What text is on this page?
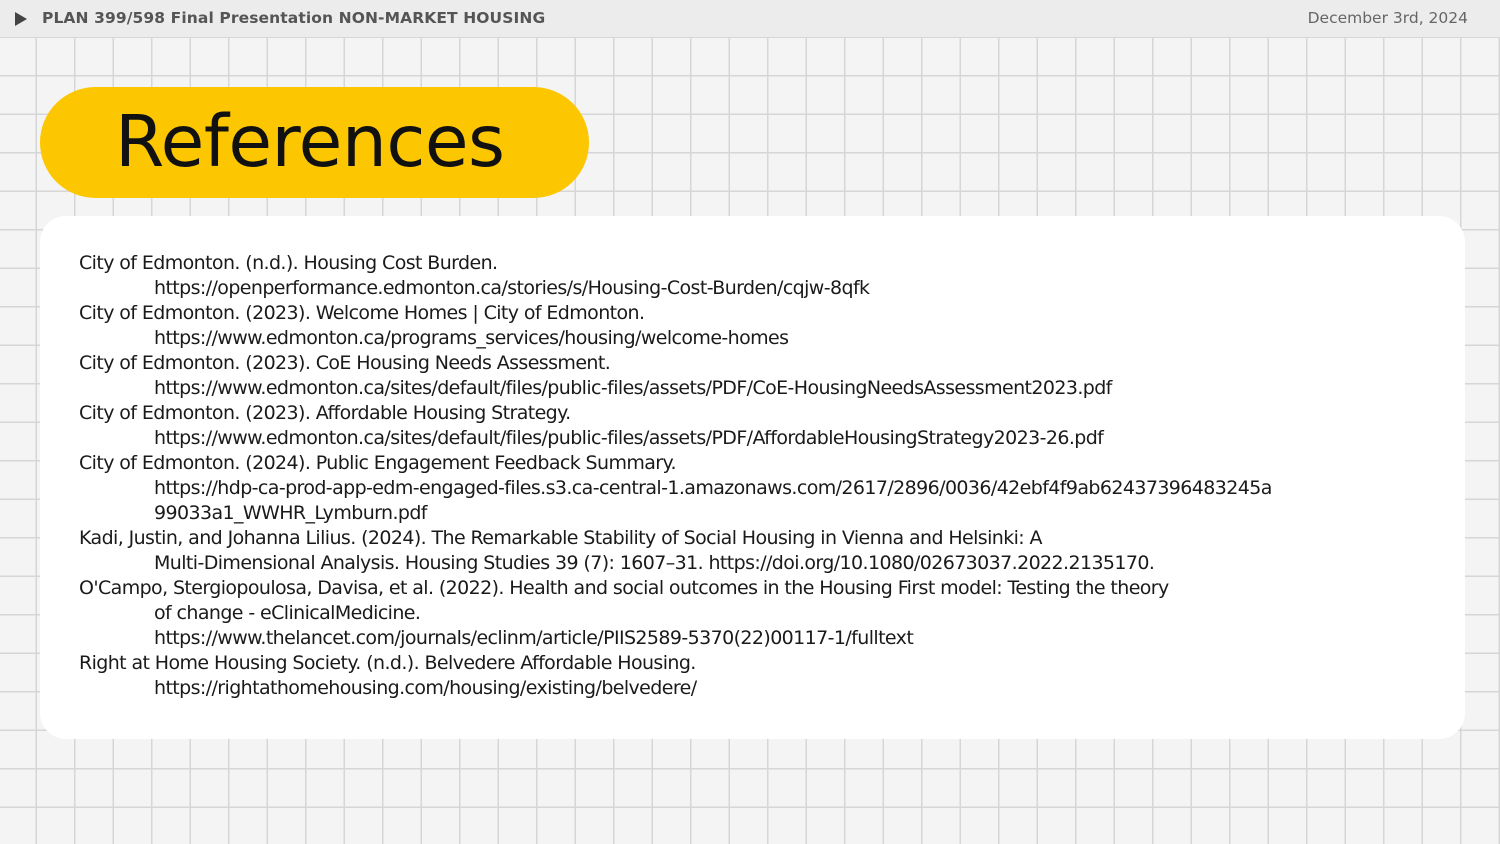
PLAN 399/598 Final Presentation NON-MARKET HOUSING	December 3rd, 2024
References
City of Edmonton. (n.d.). Housing Cost Burden.
https://openperformance.edmonton.ca/stories/s/Housing-Cost-Burden/cqjw-8qfk
City of Edmonton. (2023). Welcome Homes | City of Edmonton.
https://www.edmonton.ca/programs_services/housing/welcome-homes
City of Edmonton. (2023). CoE Housing Needs Assessment.
https://www.edmonton.ca/sites/default/files/public-files/assets/PDF/CoE-HousingNeedsAssessment2023.pdf
City of Edmonton. (2023). Affordable Housing Strategy.
https://www.edmonton.ca/sites/default/files/public-files/assets/PDF/AffordableHousingStrategy2023-26.pdf
City of Edmonton. (2024). Public Engagement Feedback Summary.
https://hdp-ca-prod-app-edm-engaged-files.s3.ca-central-1.amazonaws.com/2617/2896/0036/42ebf4f9ab62437396483245a
99033a1_WWHR_Lymburn.pdf
Kadi, Justin, and Johanna Lilius. (2024). The Remarkable Stability of Social Housing in Vienna and Helsinki: A
Multi-Dimensional Analysis. Housing Studies 39 (7): 1607–31. https://doi.org/10.1080/02673037.2022.2135170.
O'Campo, Stergiopoulosa, Davisa, et al. (2022). Health and social outcomes in the Housing First model: Testing the theory
of change - eClinicalMedicine.
https://www.thelancet.com/journals/eclinm/article/PIIS2589-5370(22)00117-1/fulltext
Right at Home Housing Society. (n.d.). Belvedere Affordable Housing.
https://rightathomehousing.com/housing/existing/belvedere/
